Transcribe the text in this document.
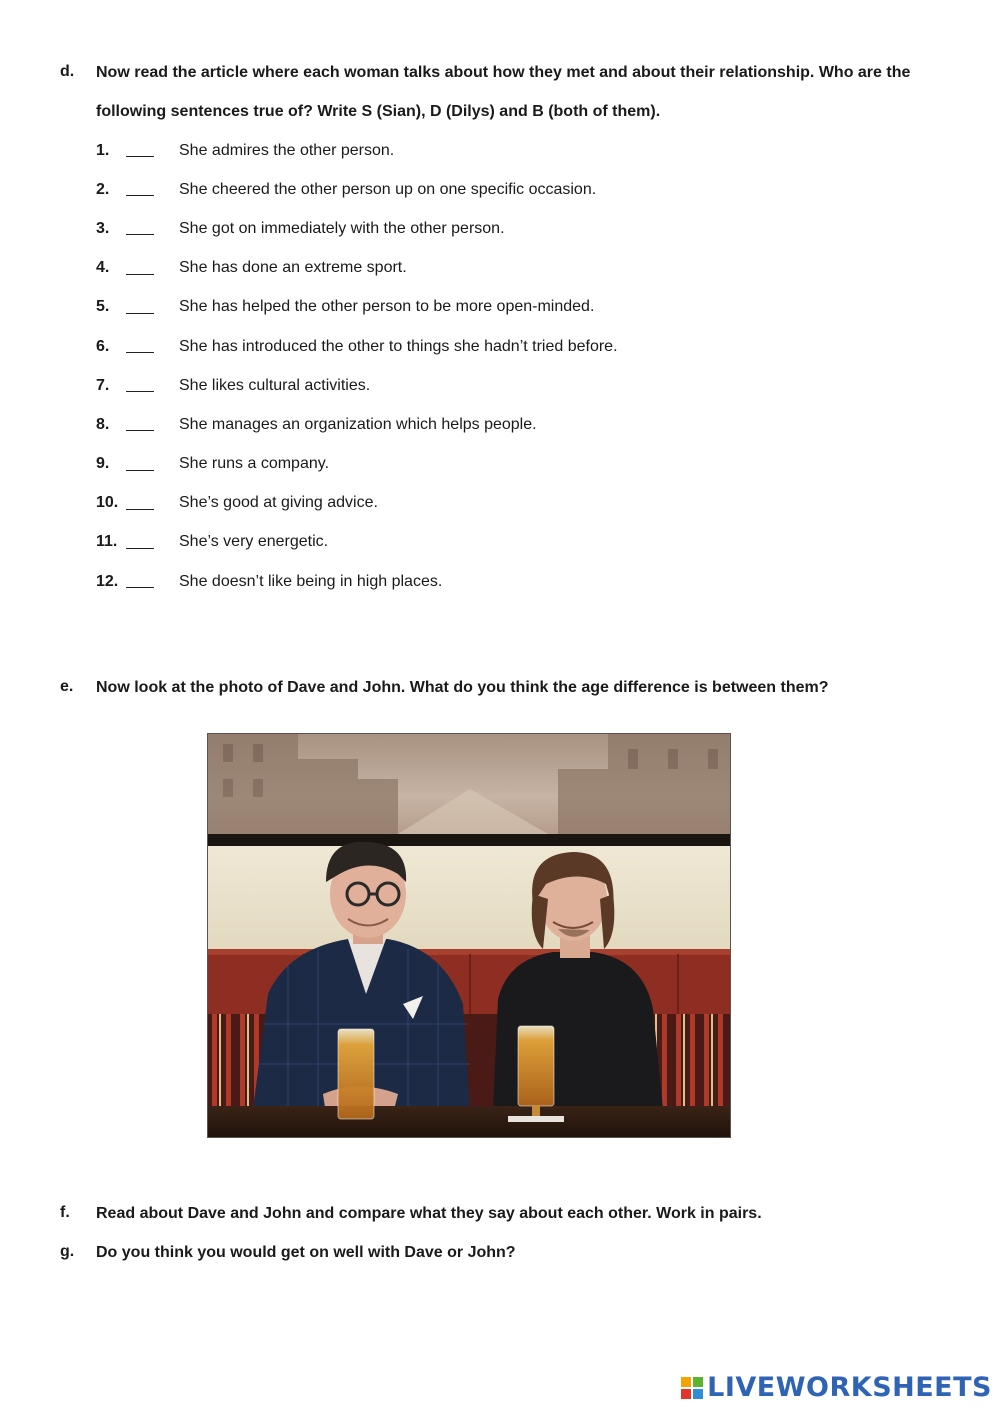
d. Now read the article where each woman talks about how they met and about their relationship. Who are the following sentences true of? Write S (Sian), D (Dilys) and B (both of them).
1.	She admires the other person.
2.	She cheered the other person up on one specific occasion.
3.	She got on immediately with the other person.
4.	She has done an extreme sport.
5.	She has helped the other person to be more open-minded.
6.	She has introduced the other to things she hadn’t tried before.
7.	She likes cultural activities.
8.	She manages an organization which helps people.
9.	She runs a company.
10.	She’s good at giving advice.
11.	She’s very energetic.
12.	She doesn’t like being in high places.
e. Now look at the photo of Dave and John. What do you think the age difference is between them?
f. Read about Dave and John and compare what they say about each other. Work in pairs.
g. Do you think you would get on well with Dave or John?
LIVEWORKSHEETS
